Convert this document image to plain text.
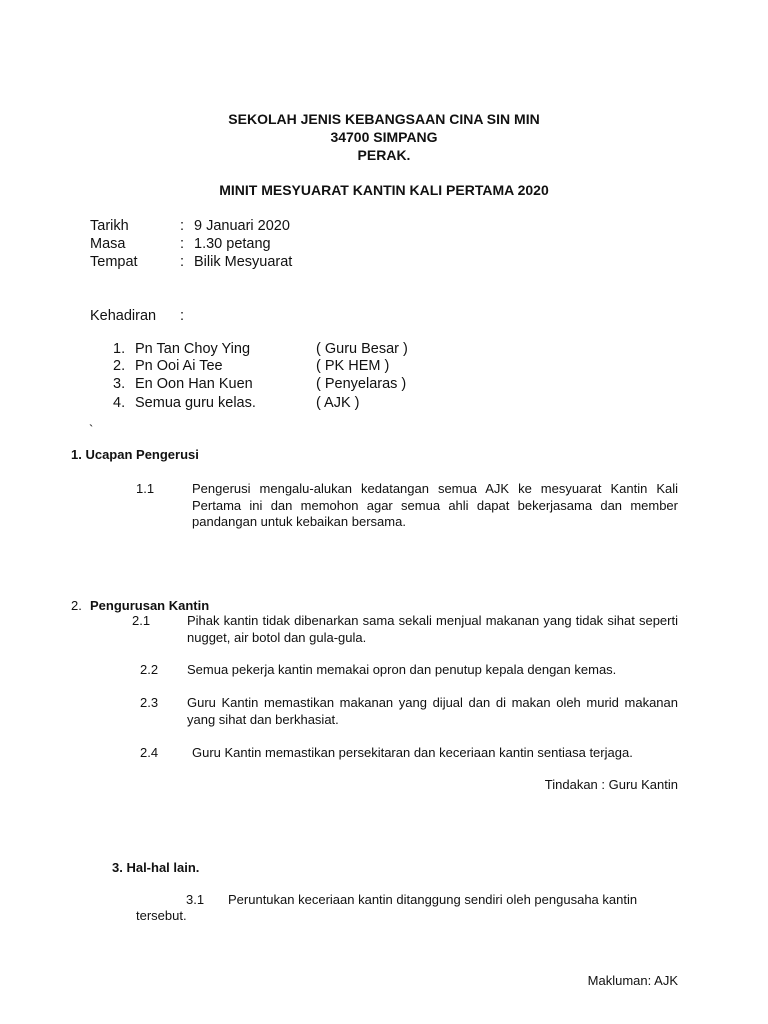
SEKOLAH JENIS KEBANGSAAN CINA SIN MIN
34700 SIMPANG
PERAK.
MINIT MESYUARAT KANTIN KALI PERTAMA 2020
Tarikh	: 9 Januari 2020
Masa	: 1.30 petang
Tempat	: Bilik Mesyuarat
Kehadiran :
1. Pn Tan Choy Ying	( Guru Besar )
2. Pn Ooi Ai Tee	( PK HEM )
3. En Oon Han Kuen	( Penyelaras )
4. Semua guru kelas.	( AJK )
`
1. Ucapan Pengerusi
1.1	Pengerusi mengalu-alukan kedatangan semua AJK ke mesyuarat Kantin Kali Pertama ini dan memohon agar semua ahli dapat bekerjasama dan member pandangan untuk kebaikan bersama.
2. Pengurusan Kantin
2.1	Pihak kantin tidak dibenarkan sama sekali menjual makanan yang tidak sihat seperti nugget, air botol dan gula-gula.
2.2 Semua pekerja kantin memakai opron dan penutup kepala dengan kemas.
2.3 Guru Kantin memastikan makanan yang dijual dan di makan oleh murid makanan yang sihat dan berkhasiat.
2.4	Guru Kantin memastikan persekitaran dan keceriaan kantin sentiasa terjaga.
Tindakan : Guru Kantin
3. Hal-hal lain.
3.1 Peruntukan keceriaan kantin ditanggung sendiri oleh pengusaha kantin
tersebut.
Makluman: AJK
